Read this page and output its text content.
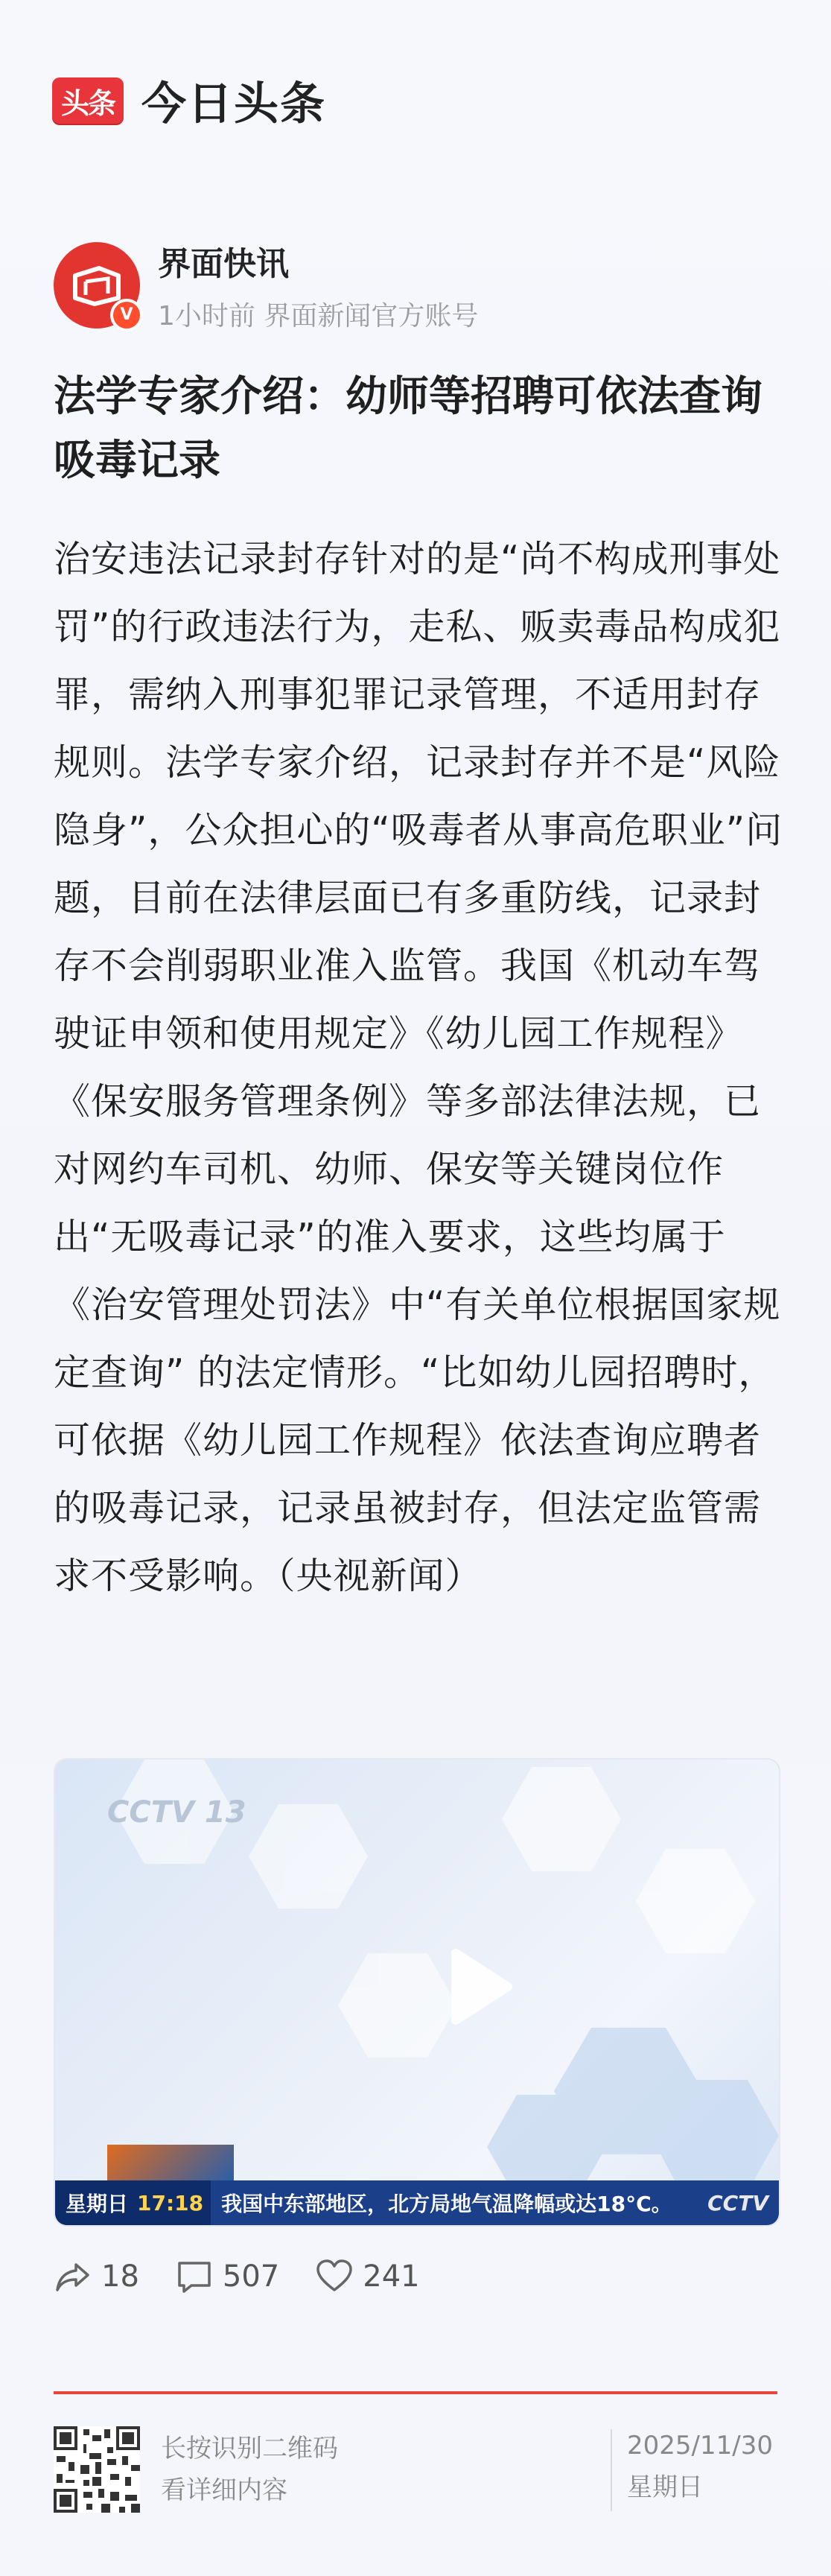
头条 今日头条
V
界面快讯
1小时前 界面新闻官方账号
法学专家介绍：幼师等招聘可依法查询吸毒记录
治安违法记录封存针对的是“尚不构成刑事处罚”的行政违法行为，走私、贩卖毒品构成犯罪，需纳入刑事犯罪记录管理，不适用封存规则。法学专家介绍，记录封存并不是“风险隐身”，公众担心的“吸毒者从事高危职业”问题，目前在法律层面已有多重防线，记录封存不会削弱职业准入监管。我国《机动车驾驶证申领和使用规定》《幼儿园工作规程》《保安服务管理条例》等多部法律法规，已对网约车司机、幼师、保安等关键岗位作出“无吸毒记录”的准入要求，这些均属于《治安管理处罚法》中“有关单位根据国家规定查询” 的法定情形。“比如幼儿园招聘时，可依据《幼儿园工作规程》依法查询应聘者的吸毒记录，记录虽被封存，但法定监管需求不受影响。（央视新闻）
CCTV 13
星期日 17:18 我国中东部地区，北方局地气温降幅或达18°C。	CCTV
18	507	241
长按识别二维码
看详细内容
2025/11/30
星期日
